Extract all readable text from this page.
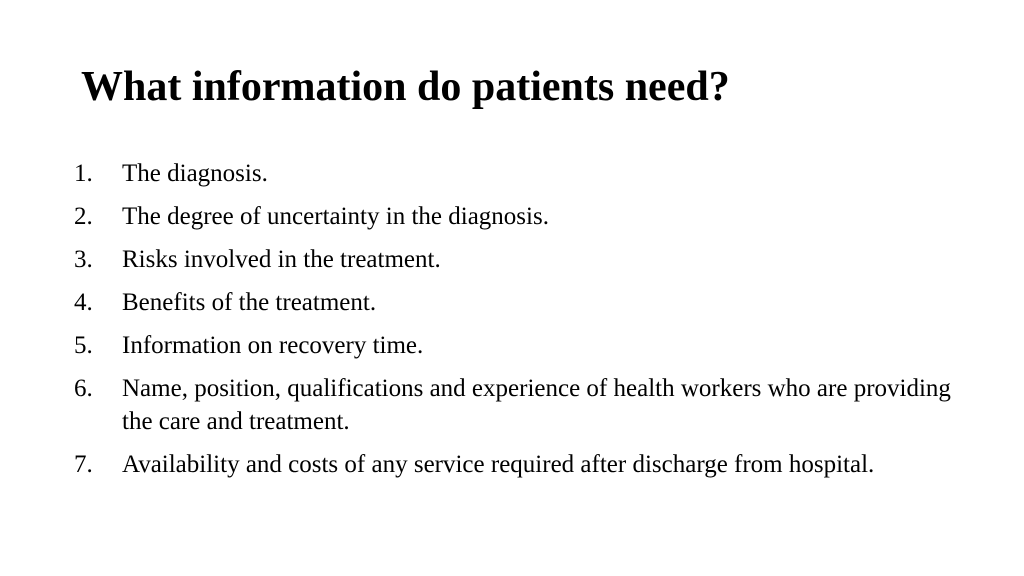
What information do patients need?
1.	The diagnosis.
2.	The degree of uncertainty in the diagnosis.
3.	Risks involved in the treatment.
4.	Benefits of the treatment.
5.	Information on recovery time.
6.	Name, position, qualifications and experience of health workers who are providing the care and treatment.
7.	Availability and costs of any service required after discharge from hospital.
